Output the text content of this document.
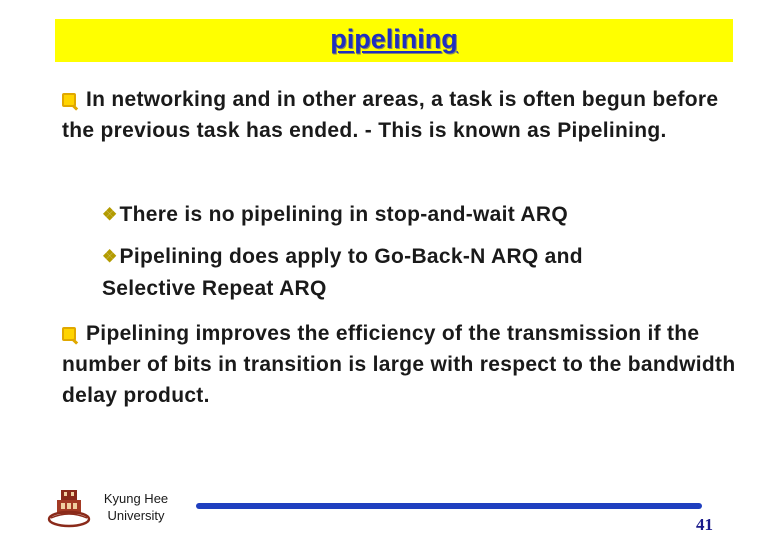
pipelining
In networking and in other areas, a task is often begun before the previous task has ended. - This is known as Pipelining.
❖There is no pipelining in stop-and-wait ARQ
❖Pipelining does apply to Go-Back-N ARQ and Selective Repeat ARQ
Pipelining improves the efficiency of the transmission if the number of bits in transition is large with respect to the bandwidth delay product.
Kyung Hee
University	41
